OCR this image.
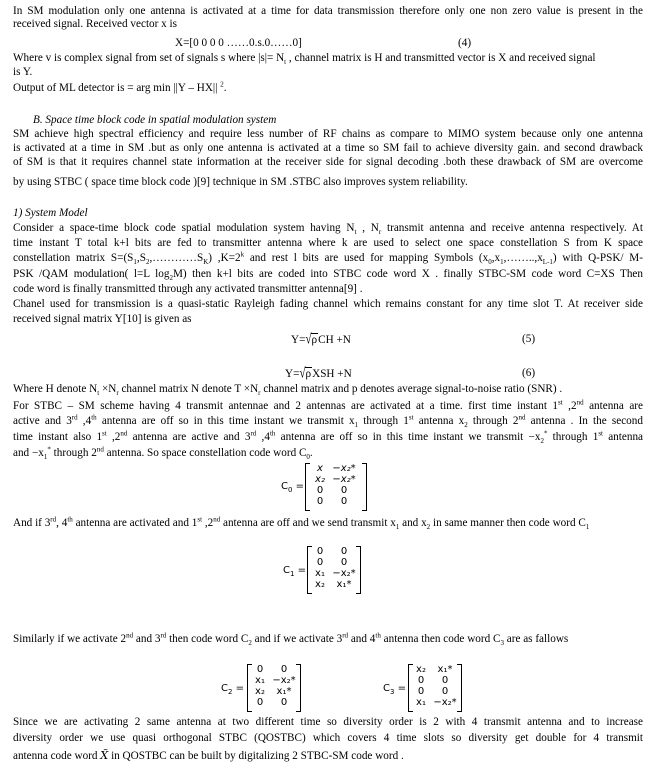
In SM modulation only one antenna is activated at a time for data transmission therefore only one non zero value is present in the
received signal. Received vector x is
X=[0 0 0 0 ……0.s.0……0]	(4)
Where v is complex signal from set of signals s where $|s|= N_t$ , channel matrix is H and transmitted vector is X and received signal
is Y.
Output of ML detector is = arg min ||Y – HX|| $^2$.
B. Space time block code in spatial modulation system
SM achieve high spectral efficiency and require less number of RF chains as compare to MIMO system because only one antenna
is activated at a time in SM .but as only one antenna is activated at a time so SM fail to achieve diversity gain. and second drawback
of SM is that it requires channel state information at the receiver side for signal decoding .both these drawback of SM are overcome
by using STBC ( space time block code )[9] technique in SM .STBC also improves system reliability.
1) System Model
Consider a space-time block code spatial modulation system having $N_t$ , $N_r$ transmit antenna and receive antenna respectively. At
time instant T total k+l bits are fed to transmitter antenna where k are used to select one space constellation S from K space
constellation matrix $S=(S_1,S_2,\dots\dots\dots\dots S_K)$ $,K=2^k$ and rest l bits are used for mapping Symbols $(x_0,x_1,\dots\dots..,x_{L-1})$ with Q-PSK/ M-
PSK /QAM modulation( l=L $\log_2M$) then k+l bits are coded into STBC code word X . finally STBC-SM code word C=XS Then
code word is finally transmitted through any activated transmitter antenna[9] .
Chanel used for transmission is a quasi-static Rayleigh fading channel which remains constant for any time slot T. At receiver side
received signal matrix Y[10] is given as
Y=√ρCH +N	(5)
Y=√ρXSH +N	(6)
Where H denote $N_t \times N_r$ channel matrix N denote $T \times N_r$ channel matrix and p denotes average signal-to-noise ratio (SNR) .
For STBC – SM scheme having 4 transmit antennae and 2 antennas are activated at a time. first time instant 1st ,2nd antenna are
active and 3rd ,4th antenna are off so in this time instant we transmit $x_1$ through 1st antenna $x_2$ through 2nd antenna . In the second
time instant also 1st ,2nd antenna are active and 3rd ,4th antenna are off so in this time instant we transmit $-x_2^*$ through 1st antenna
and $-x_1^*$ through 2nd antenna. So space constellation code word $C_0$.
$C_0$ =
x	−x₂*
x₂	−x₂*
0	0
0	0
And if 3rd, 4th antenna are activated and 1st ,2nd antenna are off and we send transmit $x_1$ and $x_2$ in same manner then code word $C_1$
$C_1$ =
0	0
0	0
x₁	−x₂*
x₂	x₁*
Similarly if we activate 2nd and 3rd then code word $C_2$ and if we activate 3rd and 4th antenna then code word $C_3$ are as fallows
$C_2$ =
0	0
x₁	−x₂*
x₂	x₁*
0	0
$C_3$ =
x₂	x₁*
0	0
0	0
x₁	−x₂*
Since we are activating 2 same antenna at two different time so diversity order is 2 with 4 transmit antenna and to increase
diversity order we use quasi orthogonal STBC (QOSTBC) which covers 4 time slots so diversity get double for 4 transmit
antenna code word X̃ in QOSTBC can be built by digitalizing 2 STBC-SM code word .
